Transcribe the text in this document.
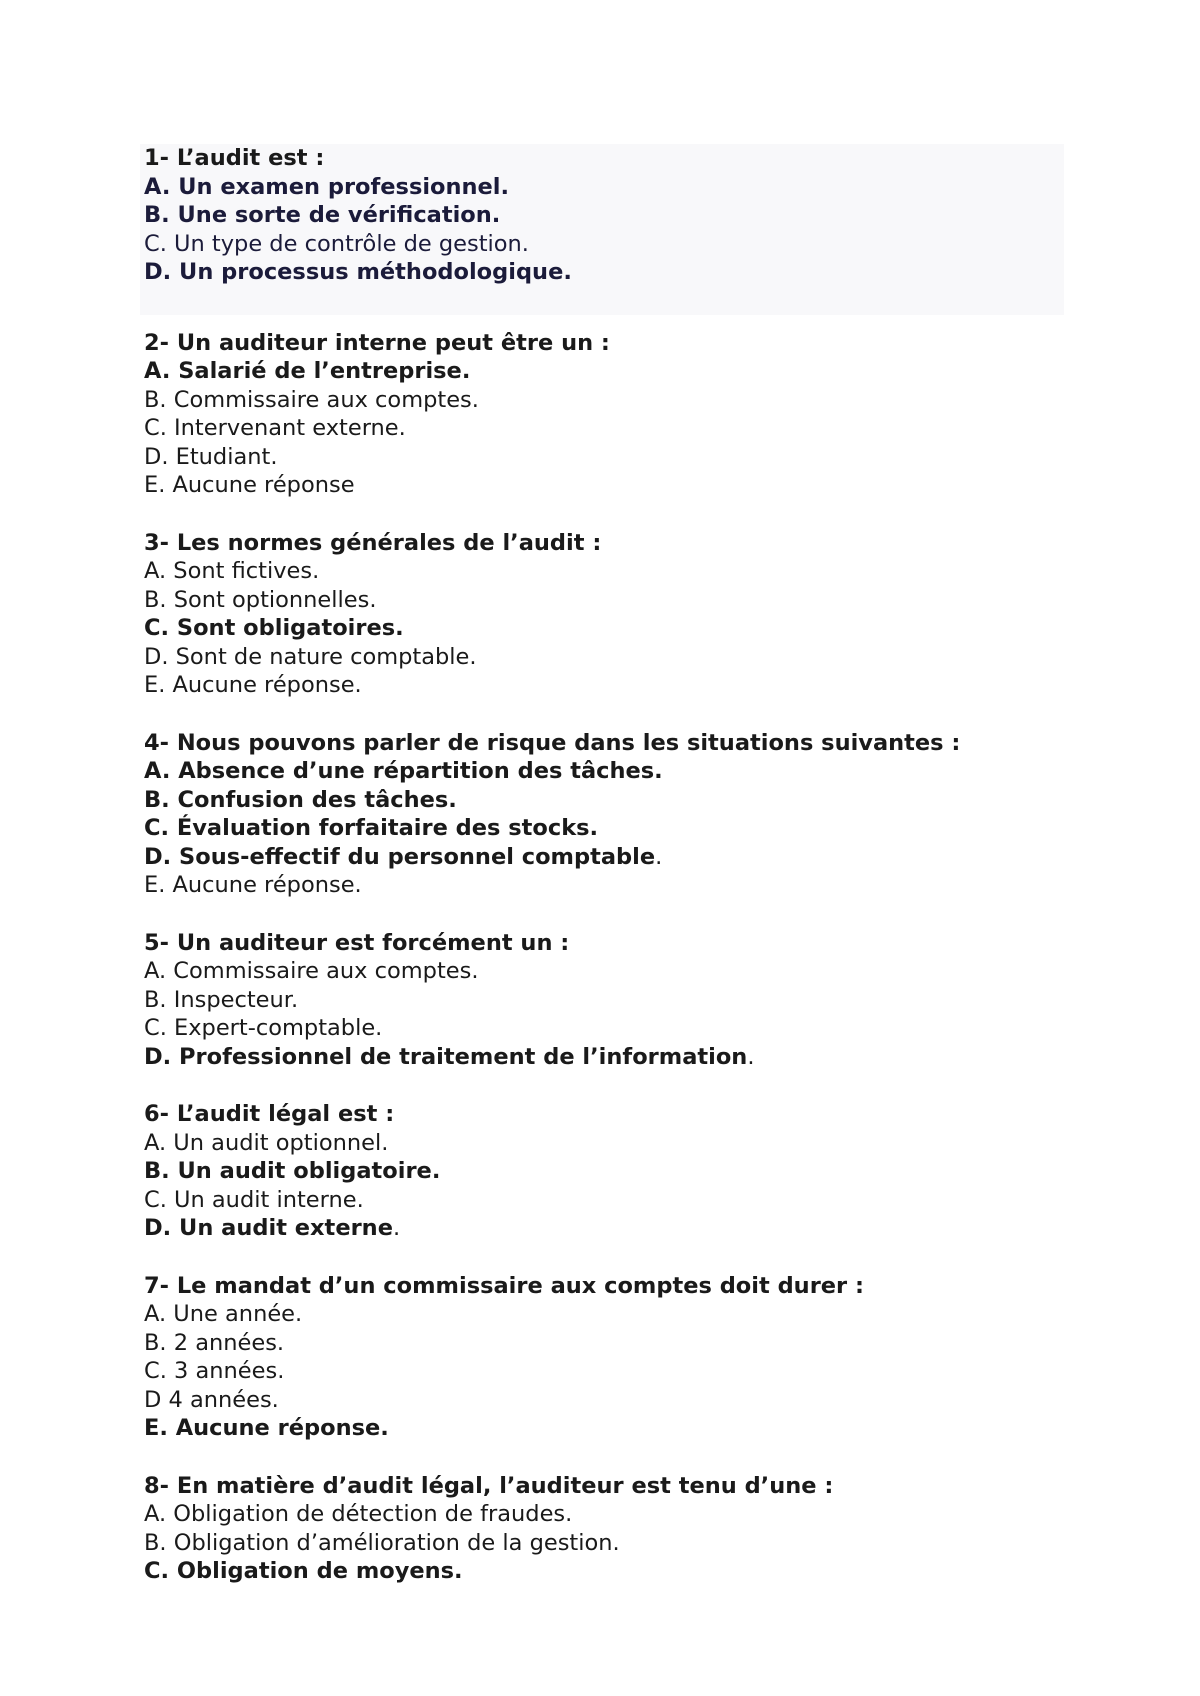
1- L’audit est :

A. Un examen professionnel.

B. Une sorte de vérification.

C. Un type de contrôle de gestion.

D. Un processus méthodologique.

2- Un auditeur interne peut être un :

A. Salarié de l’entreprise.

B. Commissaire aux comptes.

C. Intervenant externe.

D. Etudiant.

E. Aucune réponse

3- Les normes générales de l’audit :

A. Sont fictives.

B. Sont optionnelles.

C. Sont obligatoires.

D. Sont de nature comptable.

E. Aucune réponse.

4- Nous pouvons parler de risque dans les situations suivantes :

A. Absence d’une répartition des tâches.

B. Confusion des tâches.

C. Évaluation forfaitaire des stocks.

D. Sous-effectif du personnel comptable.

E. Aucune réponse.

5- Un auditeur est forcément un :

A. Commissaire aux comptes.

B. Inspecteur.

C. Expert-comptable.

D. Professionnel de traitement de l’information.

6- L’audit légal est :

A. Un audit optionnel.

B. Un audit obligatoire.

C. Un audit interne.

D. Un audit externe.

7- Le mandat d’un commissaire aux comptes doit durer :

A. Une année.

B. 2 années.

C. 3 années.

D 4 années.

E. Aucune réponse.

8- En matière d’audit légal, l’auditeur est tenu d’une :

A. Obligation de détection de fraudes.

B. Obligation d’amélioration de la gestion.

C. Obligation de moyens.
